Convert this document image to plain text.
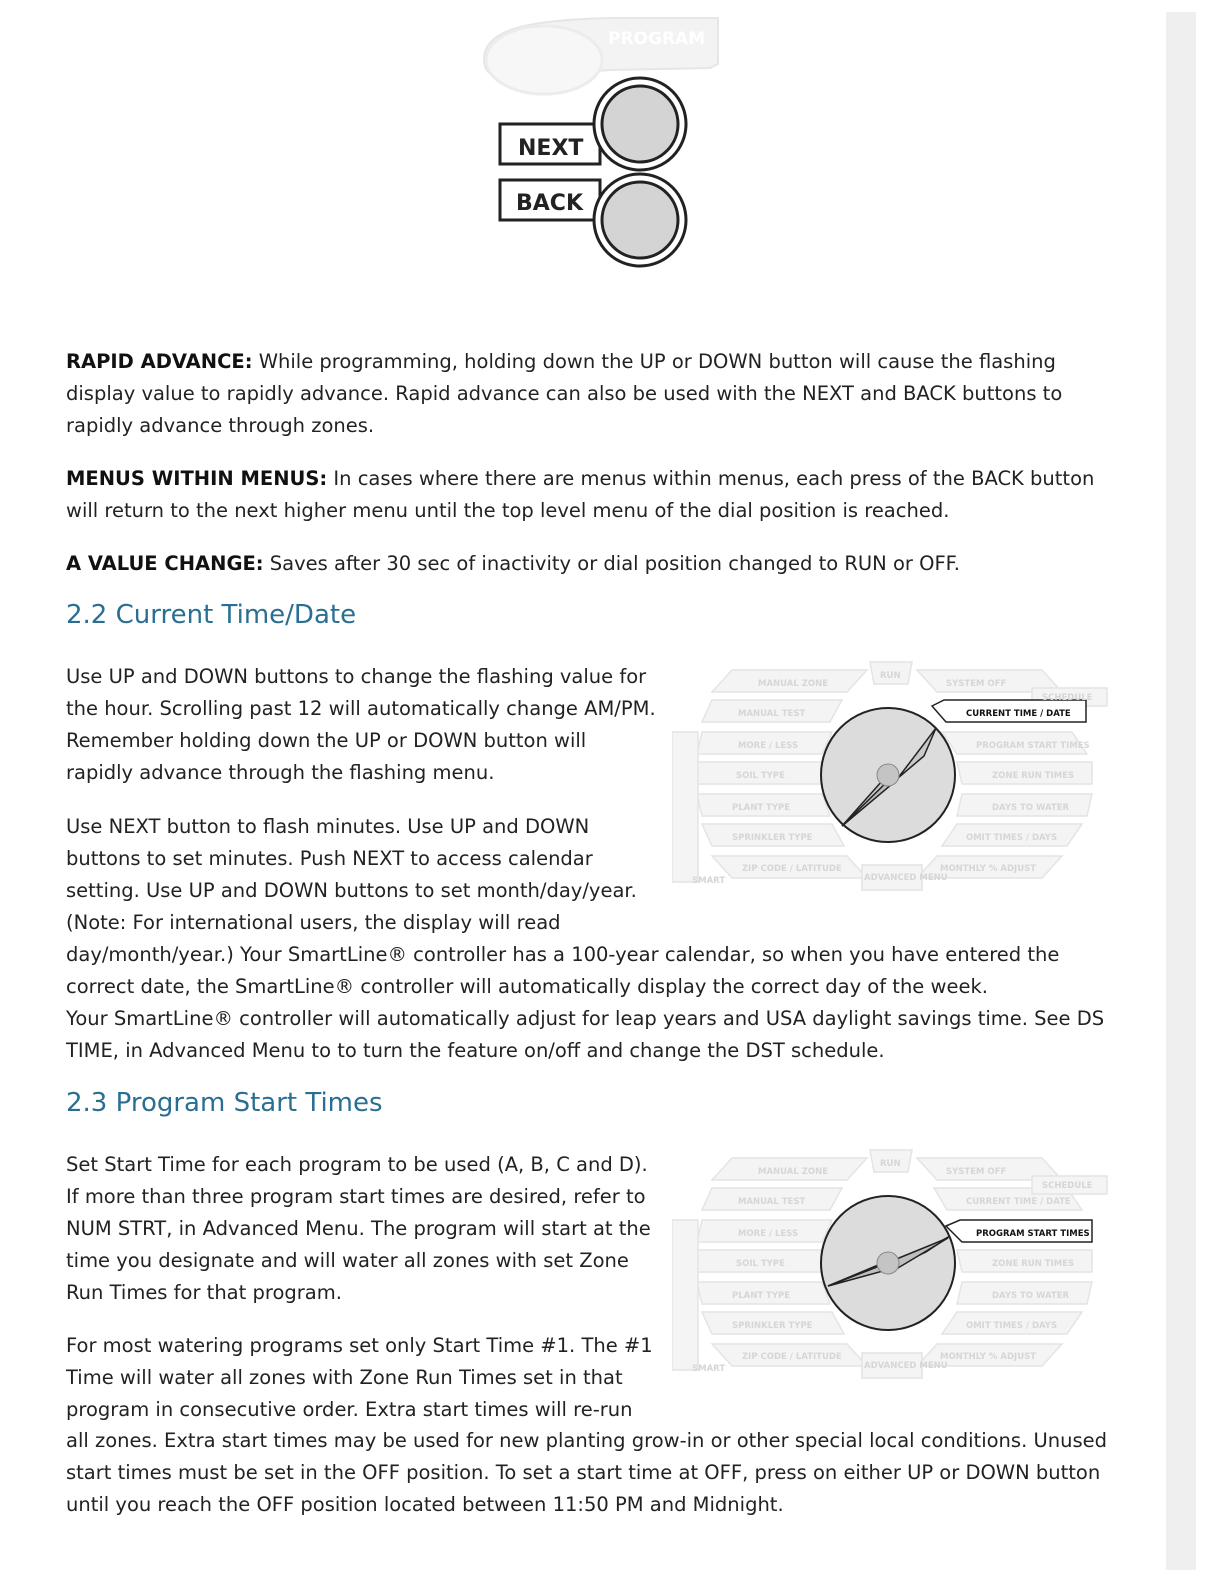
PROGRAM
NEXT
BACK

RAPID ADVANCE: While programming, holding down the UP or DOWN button will cause the flashing display value to rapidly advance. Rapid advance can also be used with the NEXT and BACK buttons to rapidly advance through zones.

MENUS WITHIN MENUS: In cases where there are menus within menus, each press of the BACK button will return to the next higher menu until the top level menu of the dial position is reached.

A VALUE CHANGE: Saves after 30 sec of inactivity or dial position changed to RUN or OFF.

2.2 Current Time/Date

Use UP and DOWN buttons to change the flashing value for the hour. Scrolling past 12 will automatically change AM/PM. Remember holding down the UP or DOWN button will rapidly advance through the flashing menu.

Use NEXT button to flash minutes. Use UP and DOWN buttons to set minutes. Push NEXT to access calendar setting. Use UP and DOWN buttons to set month/day/year. (Note: For international users, the display will read

day/month/year.) Your SmartLine® controller has a 100-year calendar, so when you have entered the correct date, the SmartLine® controller will automatically display the correct day of the week.

Your SmartLine® controller will automatically adjust for leap years and USA daylight savings time. See DS TIME, in Advanced Menu to to turn the feature on/off and change the DST schedule.

CURRENT TIME / DATE
MANUAL ZONE
MANUAL TEST
MORE / LESS
SOIL TYPE
PLANT TYPE
SPRINKLER TYPE
ZIP CODE / LATITUDE
SMART
RUN
ADVANCED MENU
SYSTEM OFF
SCHEDULE
PROGRAM START TIMES
ZONE RUN TIMES
DAYS TO WATER
OMIT TIMES / DAYS
MONTHLY % ADJUST
2.3 Program Start Times

Set Start Time for each program to be used (A, B, C and D). If more than three program start times are desired, refer to NUM STRT, in Advanced Menu. The program will start at the time you designate and will water all zones with set Zone Run Times for that program.

For most watering programs set only Start Time #1. The #1 Time will water all zones with Zone Run Times set in that program in consecutive order. Extra start times will re-run

all zones. Extra start times may be used for new planting grow-in or other special local conditions. Unused start times must be set in the OFF position. To set a start time at OFF, press on either UP or DOWN button until you reach the OFF position located between 11:50 PM and Midnight.

PROGRAM START TIMES
MANUAL ZONE
MANUAL TEST
MORE / LESS
SOIL TYPE
PLANT TYPE
SPRINKLER TYPE
ZIP CODE / LATITUDE
SMART
RUN
ADVANCED MENU
SYSTEM OFF
SCHEDULE
CURRENT TIME / DATE
ZONE RUN TIMES
DAYS TO WATER
OMIT TIMES / DAYS
MONTHLY % ADJUST
